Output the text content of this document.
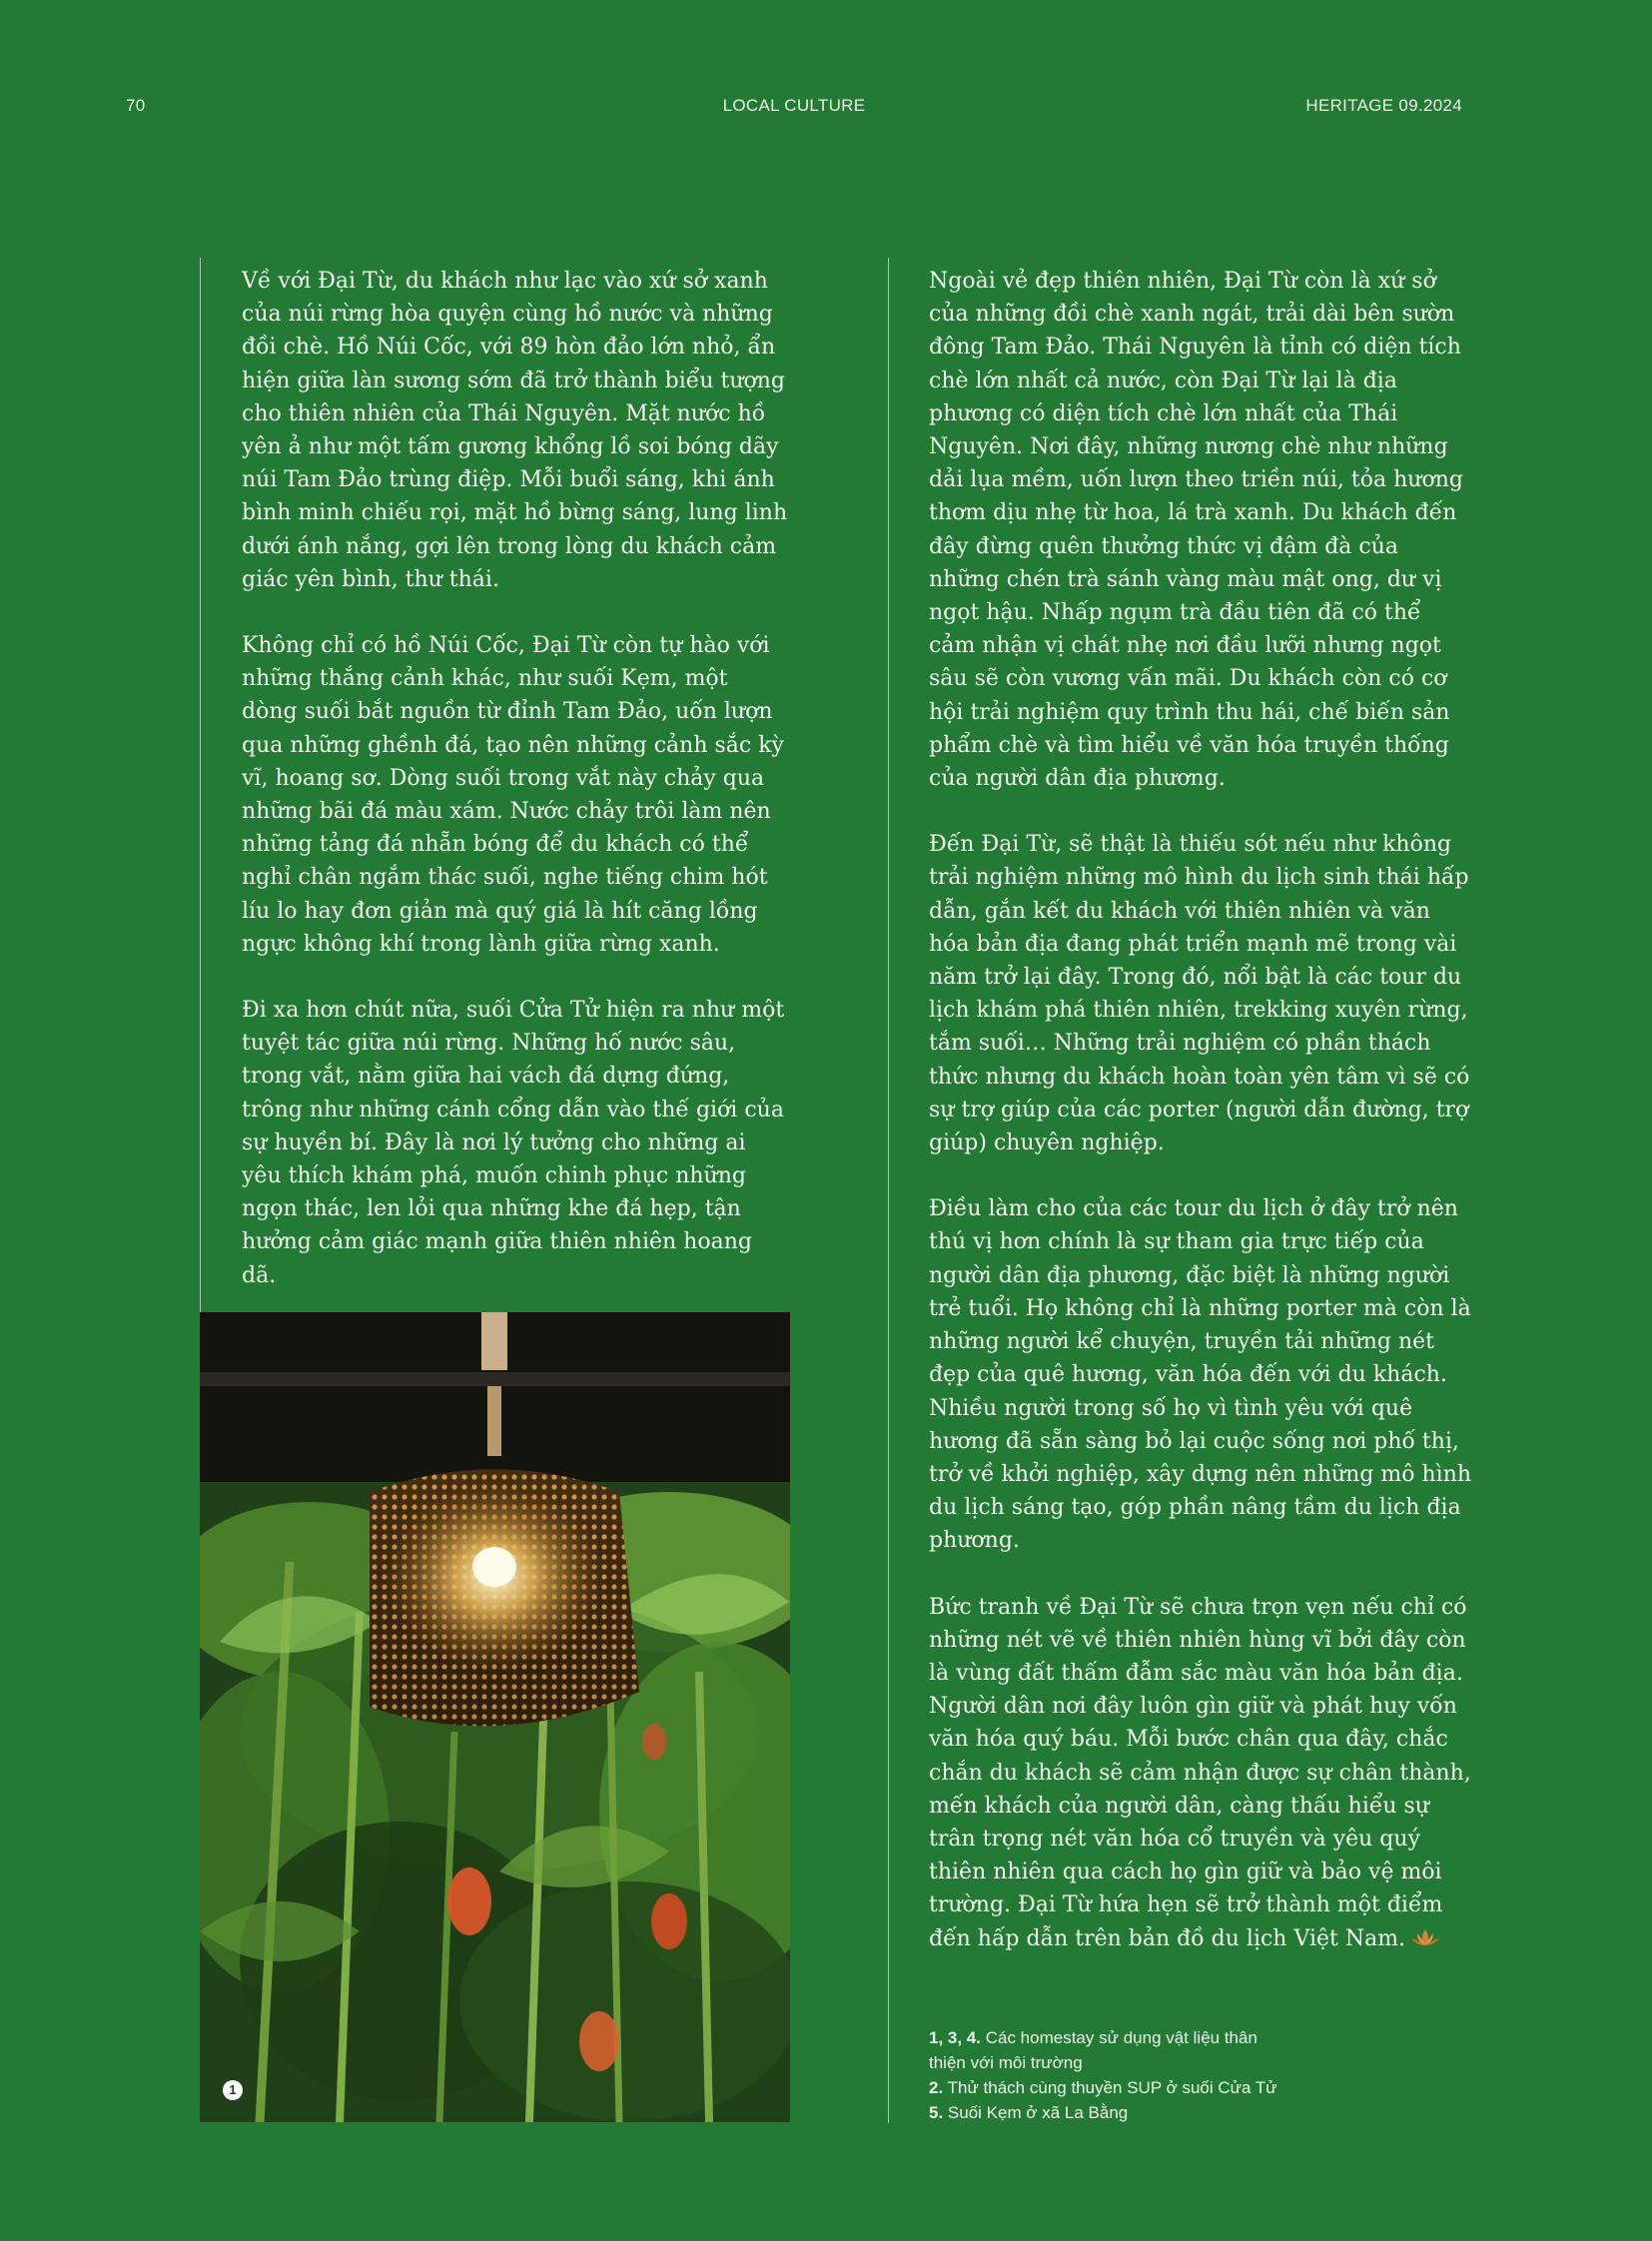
70	LOCAL CULTURE	HERITAGE 09.2024

Về với Đại Từ, du khách như lạc vào xứ sở xanh của núi rừng hòa quyện cùng hồ nước và những đồi chè. Hồ Núi Cốc, với 89 hòn đảo lớn nhỏ, ẩn hiện giữa làn sương sớm đã trở thành biểu tượng cho thiên nhiên của Thái Nguyên. Mặt nước hồ yên ả như một tấm gương khổng lồ soi bóng dãy núi Tam Đảo trùng điệp. Mỗi buổi sáng, khi ánh bình minh chiếu rọi, mặt hồ bừng sáng, lung linh dưới ánh nắng, gợi lên trong lòng du khách cảm giác yên bình, thư thái.

Không chỉ có hồ Núi Cốc, Đại Từ còn tự hào với những thắng cảnh khác, như suối Kẹm, một dòng suối bắt nguồn từ đỉnh Tam Đảo, uốn lượn qua những ghềnh đá, tạo nên những cảnh sắc kỳ vĩ, hoang sơ. Dòng suối trong vắt này chảy qua những bãi đá màu xám. Nước chảy trôi làm nên những tảng đá nhẵn bóng để du khách có thể nghỉ chân ngắm thác suối, nghe tiếng chim hót líu lo hay đơn giản mà quý giá là hít căng lồng ngực không khí trong lành giữa rừng xanh.

Đi xa hơn chút nữa, suối Cửa Tử hiện ra như một tuyệt tác giữa núi rừng. Những hố nước sâu, trong vắt, nằm giữa hai vách đá dựng đứng, trông như những cánh cổng dẫn vào thế giới của sự huyền bí. Đây là nơi lý tưởng cho những ai yêu thích khám phá, muốn chinh phục những ngọn thác, len lỏi qua những khe đá hẹp, tận hưởng cảm giác mạnh giữa thiên nhiên hoang dã.

1

Ngoài vẻ đẹp thiên nhiên, Đại Từ còn là xứ sở của những đồi chè xanh ngát, trải dài bên sườn đông Tam Đảo. Thái Nguyên là tỉnh có diện tích chè lớn nhất cả nước, còn Đại Từ lại là địa phương có diện tích chè lớn nhất của Thái Nguyên. Nơi đây, những nương chè như những dải lụa mềm, uốn lượn theo triền núi, tỏa hương thơm dịu nhẹ từ hoa, lá trà xanh. Du khách đến đây đừng quên thưởng thức vị đậm đà của những chén trà sánh vàng màu mật ong, dư vị ngọt hậu. Nhấp ngụm trà đầu tiên đã có thể cảm nhận vị chát nhẹ nơi đầu lưỡi nhưng ngọt sâu sẽ còn vương vấn mãi. Du khách còn có cơ hội trải nghiệm quy trình thu hái, chế biến sản phẩm chè và tìm hiểu về văn hóa truyền thống của người dân địa phương.

Đến Đại Từ, sẽ thật là thiếu sót nếu như không trải nghiệm những mô hình du lịch sinh thái hấp dẫn, gắn kết du khách với thiên nhiên và văn hóa bản địa đang phát triển mạnh mẽ trong vài năm trở lại đây. Trong đó, nổi bật là các tour du lịch khám phá thiên nhiên, trekking xuyên rừng, tắm suối… Những trải nghiệm có phần thách thức nhưng du khách hoàn toàn yên tâm vì sẽ có sự trợ giúp của các porter (người dẫn đường, trợ giúp) chuyên nghiệp.

Điều làm cho của các tour du lịch ở đây trở nên thú vị hơn chính là sự tham gia trực tiếp của người dân địa phương, đặc biệt là những người trẻ tuổi. Họ không chỉ là những porter mà còn là những người kể chuyện, truyền tải những nét đẹp của quê hương, văn hóa đến với du khách. Nhiều người trong số họ vì tình yêu với quê hương đã sẵn sàng bỏ lại cuộc sống nơi phố thị, trở về khởi nghiệp, xây dựng nên những mô hình du lịch sáng tạo, góp phần nâng tầm du lịch địa phương.

Bức tranh về Đại Từ sẽ chưa trọn vẹn nếu chỉ có những nét vẽ về thiên nhiên hùng vĩ bởi đây còn là vùng đất thấm đẫm sắc màu văn hóa bản địa. Người dân nơi đây luôn gìn giữ và phát huy vốn văn hóa quý báu. Mỗi bước chân qua đây, chắc chắn du khách sẽ cảm nhận được sự chân thành, mến khách của người dân, càng thấu hiểu sự trân trọng nét văn hóa cổ truyền và yêu quý thiên nhiên qua cách họ gìn giữ và bảo vệ môi trường. Đại Từ hứa hẹn sẽ trở thành một điểm đến hấp dẫn trên bản đồ du lịch Việt Nam.

1, 3, 4. Các homestay sử dụng vật liệu thân thiện với môi trường
2. Thử thách cùng thuyền SUP ở suối Cửa Tử
5. Suối Kẹm ở xã La Bằng
